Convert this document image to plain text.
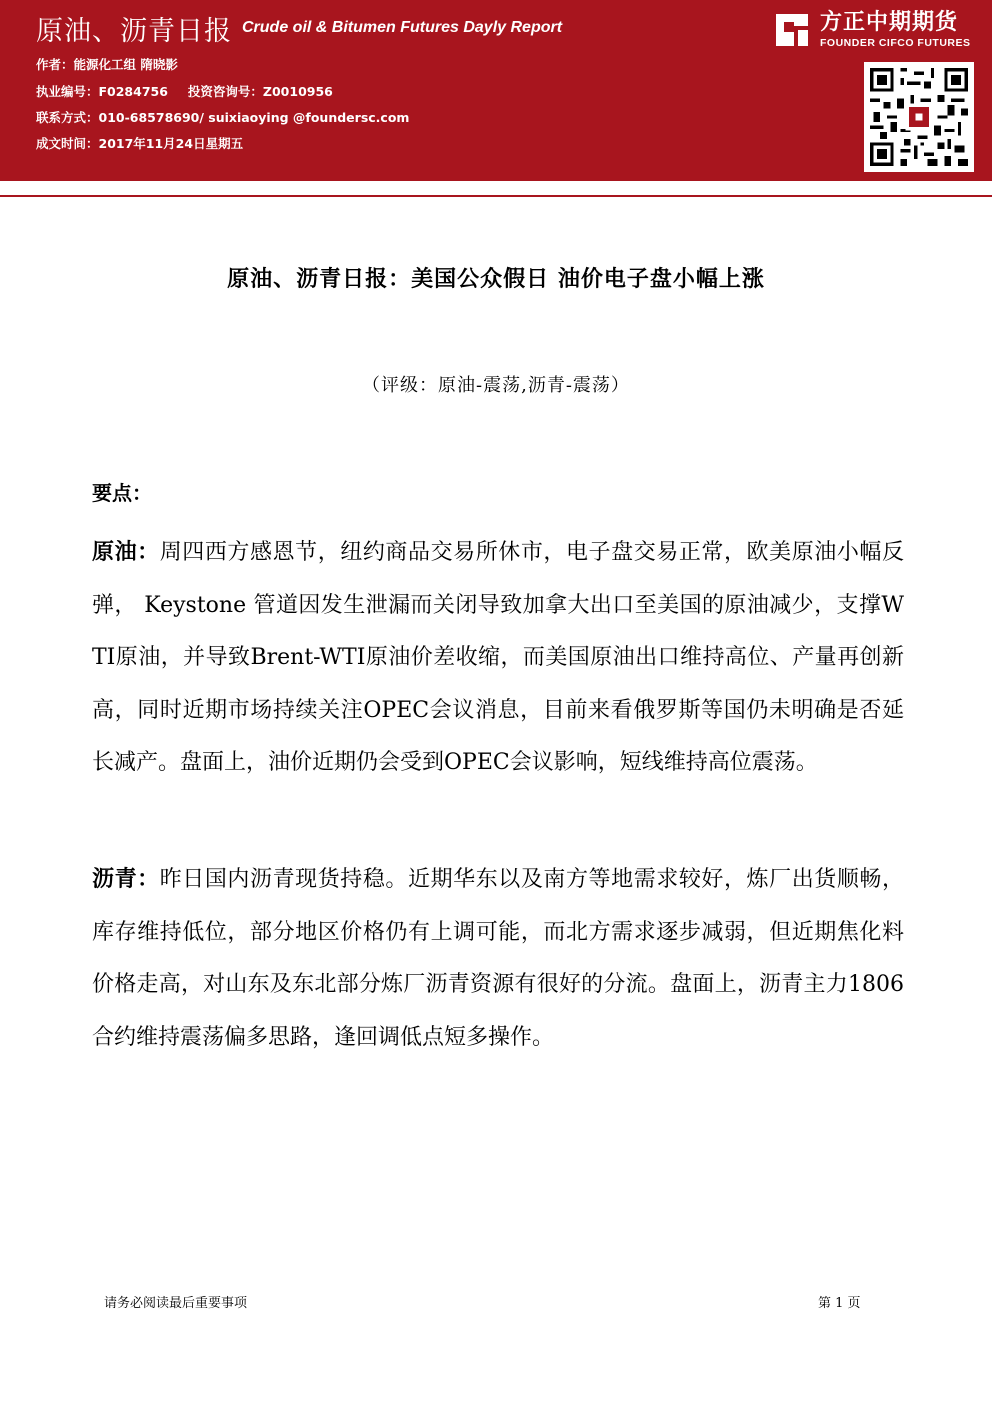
原油、沥青日报 Crude oil & Bitumen Futures Dayly Report
作者：能源化工组 隋晓影
执业编号：F0284756 投资咨询号：Z0010956
联系方式：010-68578690/ suixiaoying @foundersc.com
成文时间：2017年11月24日星期五
方正中期期货
FOUNDER CIFCO FUTURES
原油、沥青日报：美国公众假日 油价电子盘小幅上涨
（评级：原油-震荡,沥青-震荡）
要点：

原油：周四西方感恩节，纽约商品交易所休市，电子盘交易正常，欧美原油小幅反弹， Keystone 管道因发生泄漏而关闭导致加拿大出口至美国的原油减少，支撑WTI原油，并导致Brent-WTI原油价差收缩，而美国原油出口维持高位、产量再创新高，同时近期市场持续关注OPEC会议消息，目前来看俄罗斯等国仍未明确是否延长减产。盘面上，油价近期仍会受到OPEC会议影响，短线维持高位震荡。

沥青：昨日国内沥青现货持稳。近期华东以及南方等地需求较好，炼厂出货顺畅，库存维持低位，部分地区价格仍有上调可能，而北方需求逐步减弱，但近期焦化料价格走高，对山东及东北部分炼厂沥青资源有很好的分流。盘面上，沥青主力1806合约维持震荡偏多思路，逢回调低点短多操作。

请务必阅读最后重要事项	第 1 页
